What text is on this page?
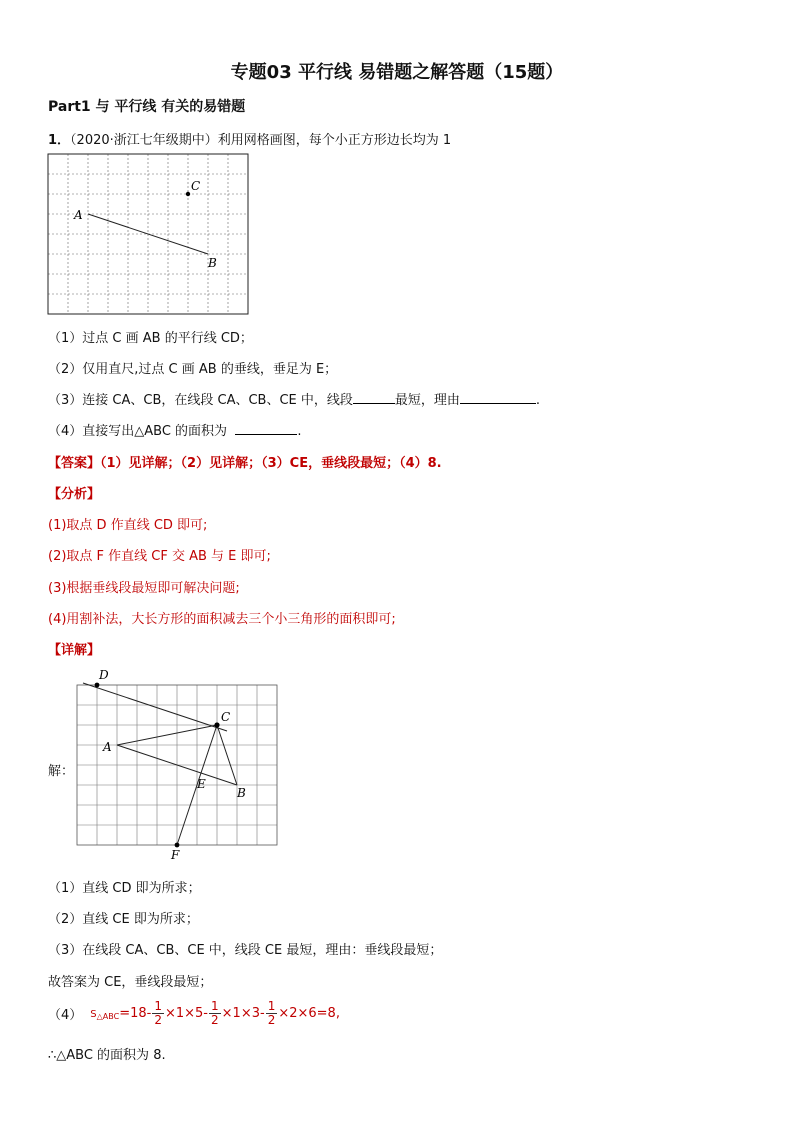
专题03 平行线 易错题之解答题（15题）
Part1 与 平行线 有关的易错题
1．（2020·浙江七年级期中）利用网格画图，每个小正方形边长均为 1
A
B
C
（1）过点 C 画 AB 的平行线 CD；
（2）仅用直尺,过点 C 画 AB 的垂线，垂足为 E；
（3）连接 CA、CB，在线段 CA、CB、CE 中，线段	最短，理由	.
（4）直接写出△ABC 的面积为	.
【答案】（1）见详解；（2）见详解；（3）CE，垂线段最短；（4）8.
【分析】
(1)取点 D 作直线 CD 即可;
(2)取点 F 作直线 CF 交 AB 与 E 即可;
(3)根据垂线段最短即可解决问题;
(4)用割补法，大长方形的面积减去三个小三角形的面积即可;
【详解】
解：
D
C
A
E
B
F
（1）直线 CD 即为所求；
（2）直线 CE 即为所求；
（3）在线段 CA、CB、CE 中，线段 CE 最短，理由：垂线段最短；
故答案为 CE，垂线段最短；
（4） $S_{\triangle ABC}=18- \frac{1}{2} \times 1\times 5- \frac{1}{2} \times 1\times 3- \frac{1}{2} \times 2\times 6=8$,
∴△ABC 的面积为 8.
